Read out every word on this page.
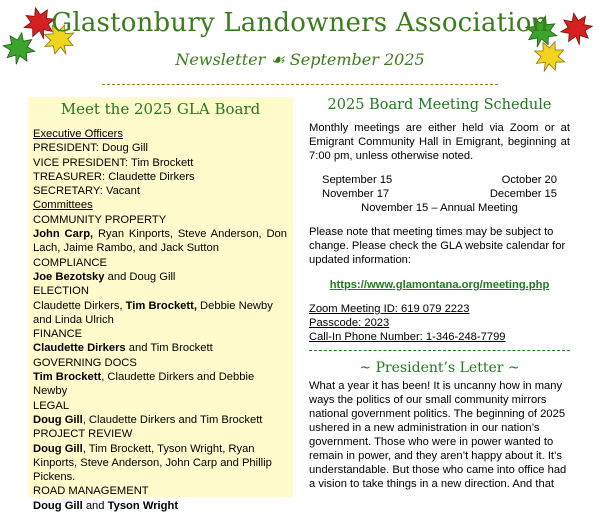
Glastonbury Landowners Association
Newsletter ☙ September 2025
Meet the 2025 GLA Board
Executive Officers
PRESIDENT: Doug Gill
VICE PRESIDENT: Tim Brockett
TREASURER: Claudette Dirkers
SECRETARY: Vacant
Committees
COMMUNITY PROPERTY
John Carp, Ryan Kinports, Steve Anderson, Don Lach, Jaime Rambo, and Jack Sutton
COMPLIANCE
Joe Bezotsky and Doug Gill
ELECTION
Claudette Dirkers, Tim Brockett, Debbie Newby and Linda Ulrich
FINANCE
Claudette Dirkers and Tim Brockett
GOVERNING DOCS
Tim Brockett, Claudette Dirkers and Debbie Newby
LEGAL
Doug Gill, Claudette Dirkers and Tim Brockett
PROJECT REVIEW
Doug Gill, Tim Brockett, Tyson Wright, Ryan Kinports, Steve Anderson, John Carp and Phillip Pickens.
ROAD MANAGEMENT
Doug Gill and Tyson Wright
2025 Board Meeting Schedule
Monthly meetings are either held via Zoom or at Emigrant Community Hall in Emigrant, beginning at 7:00 pm, unless otherwise noted.
September 15	October 20
November 17	December 15
November 15 – Annual Meeting
Please note that meeting times may be subject to change. Please check the GLA website calendar for updated information:
https://www.glamontana.org/meeting.php
Zoom Meeting ID: 619 079 2223
Passcode: 2023
Call-In Phone Number: 1-346-248-7799
~ President’s Letter ~
What a year it has been! It is uncanny how in many ways the politics of our small community mirrors national government politics. The beginning of 2025 ushered in a new administration in our nation’s government. Those who were in power wanted to remain in power, and they aren’t happy about it. It’s understandable. But those who came into office had a vision to take things in a new direction. And that
